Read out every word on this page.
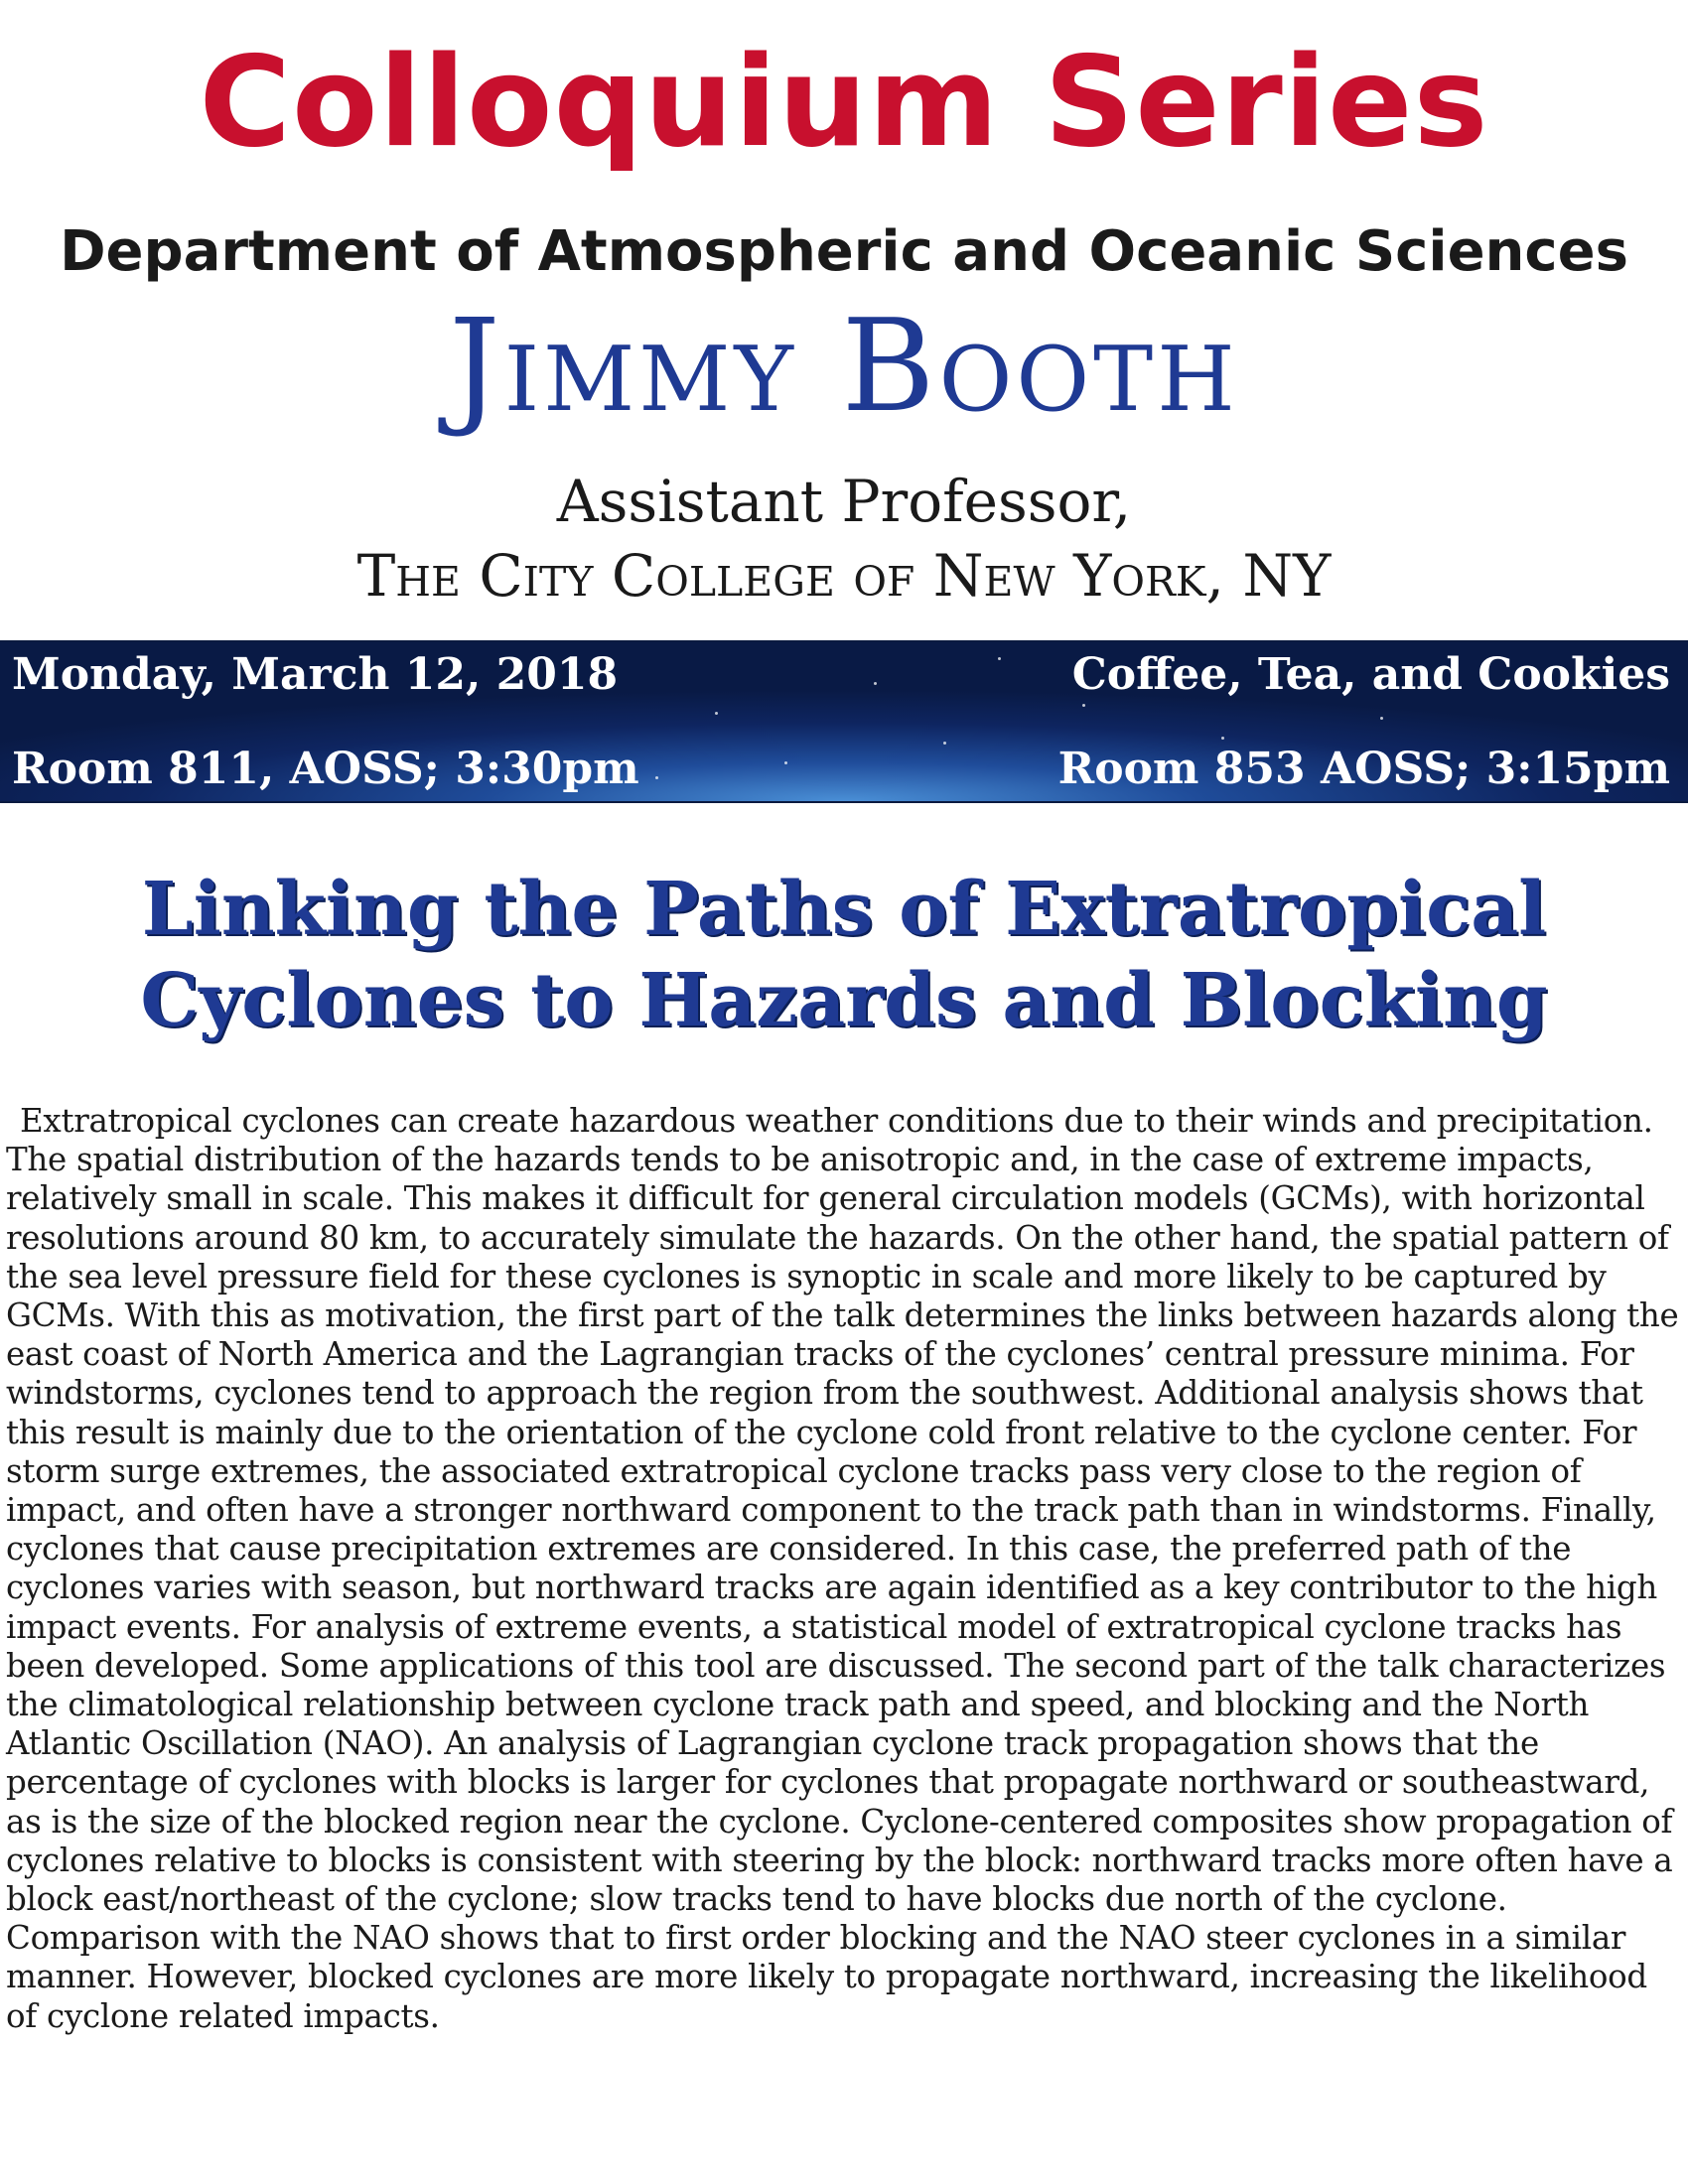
Colloquium Series
Department of Atmospheric and Oceanic Sciences
Jimmy Booth
Assistant Professor,
The City College of New York, NY
Monday, March 12, 2018
Room 811, AOSS; 3:30pm
Coffee, Tea, and Cookies
Room 853 AOSS; 3:15pm
Linking the Paths of Extratropical
Cyclones to Hazards and Blocking

Extratropical cyclones can create hazardous weather conditions due to their winds and precipitation. The spatial distribution of the hazards tends to be anisotropic and, in the case of extreme impacts, relatively small in scale. This makes it difficult for general circulation models (GCMs), with horizontal resolutions around 80 km, to accurately simulate the hazards. On the other hand, the spatial pattern of the sea level pressure field for these cyclones is synoptic in scale and more likely to be captured by GCMs. With this as motivation, the first part of the talk determines the links between hazards along the east coast of North America and the Lagrangian tracks of the cyclones’ central pressure minima. For windstorms, cyclones tend to approach the region from the southwest. Additional analysis shows that this result is mainly due to the orientation of the cyclone cold front relative to the cyclone center. For storm surge extremes, the associated extratropical cyclone tracks pass very close to the region of impact, and often have a stronger northward component to the track path than in windstorms. Finally, cyclones that cause precipitation extremes are considered. In this case, the preferred path of the cyclones varies with season, but northward tracks are again identified as a key contributor to the high impact events. For analysis of extreme events, a statistical model of extratropical cyclone tracks has been developed. Some applications of this tool are discussed. The second part of the talk characterizes the climatological relationship between cyclone track path and speed, and blocking and the North Atlantic Oscillation (NAO). An analysis of Lagrangian cyclone track propagation shows that the percentage of cyclones with blocks is larger for cyclones that propagate northward or southeastward, as is the size of the blocked region near the cyclone. Cyclone-centered composites show propagation of cyclones relative to blocks is consistent with steering by the block: northward tracks more often have a block east/northeast of the cyclone; slow tracks tend to have blocks due north of the cyclone. Comparison with the NAO shows that to first order blocking and the NAO steer cyclones in a similar manner. However, blocked cyclones are more likely to propagate northward, increasing the likelihood of cyclone related impacts.
